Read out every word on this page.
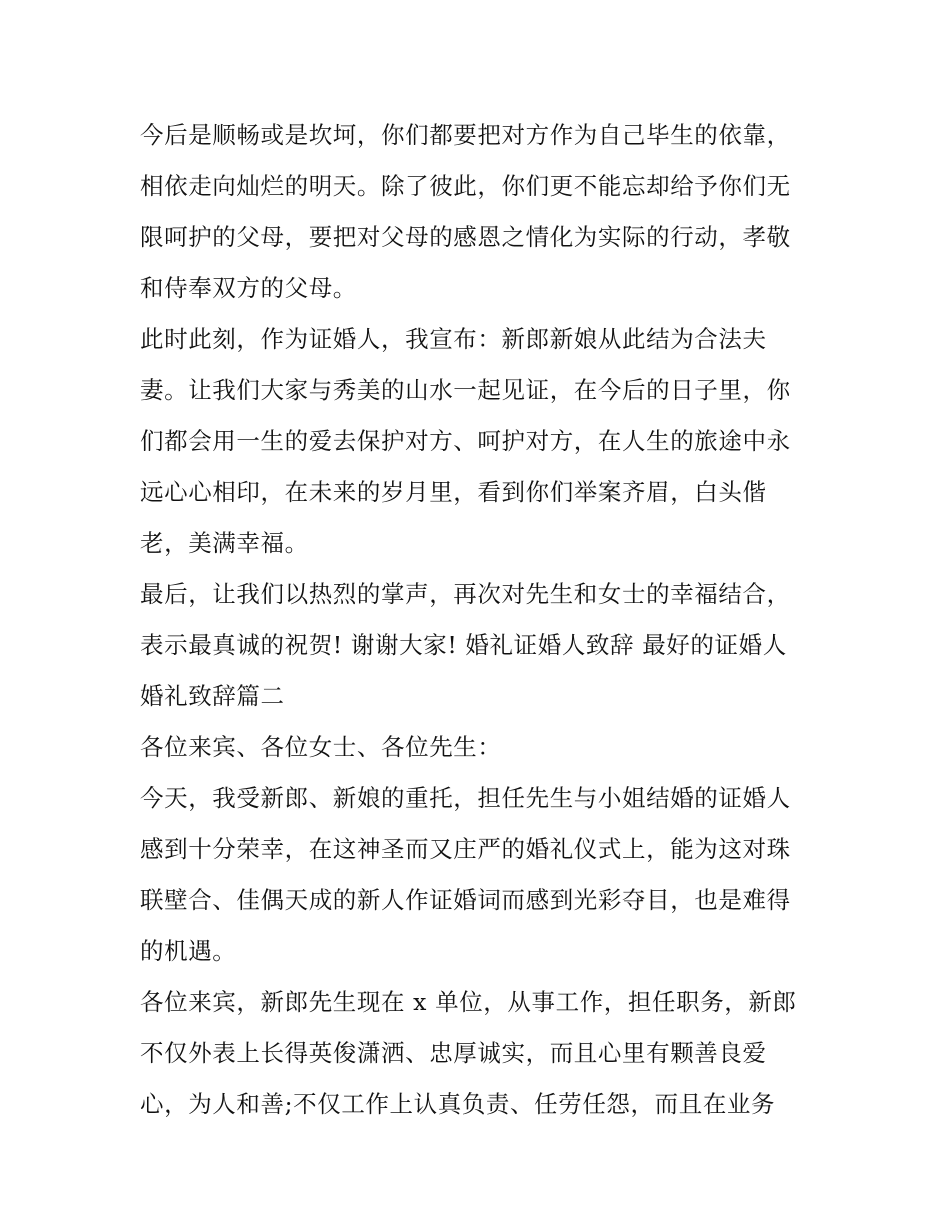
今后是顺畅或是坎坷，你们都要把对方作为自己毕生的依靠，
相依走向灿烂的明天。除了彼此，你们更不能忘却给予你们无
限呵护的父母，要把对父母的感恩之情化为实际的行动，孝敬
和侍奉双方的父母。
此时此刻，作为证婚人，我宣布：新郎新娘从此结为合法夫
妻。让我们大家与秀美的山水一起见证，在今后的日子里，你
们都会用一生的爱去保护对方、呵护对方，在人生的旅途中永
远心心相印，在未来的岁月里，看到你们举案齐眉，白头偕
老，美满幸福。
最后，让我们以热烈的掌声，再次对先生和女士的幸福结合，
表示最真诚的祝贺! 谢谢大家! 婚礼证婚人致辞 最好的证婚人
婚礼致辞篇二
各位来宾、各位女士、各位先生：
今天，我受新郎、新娘的重托，担任先生与小姐结婚的证婚人
感到十分荣幸，在这神圣而又庄严的婚礼仪式上，能为这对珠
联壁合、佳偶天成的新人作证婚词而感到光彩夺目，也是难得
的机遇。
各位来宾，新郎先生现在 x 单位，从事工作，担任职务，新郎
不仅外表上长得英俊潇洒、忠厚诚实，而且心里有颗善良爱
心，为人和善;不仅工作上认真负责、任劳任怨，而且在业务
